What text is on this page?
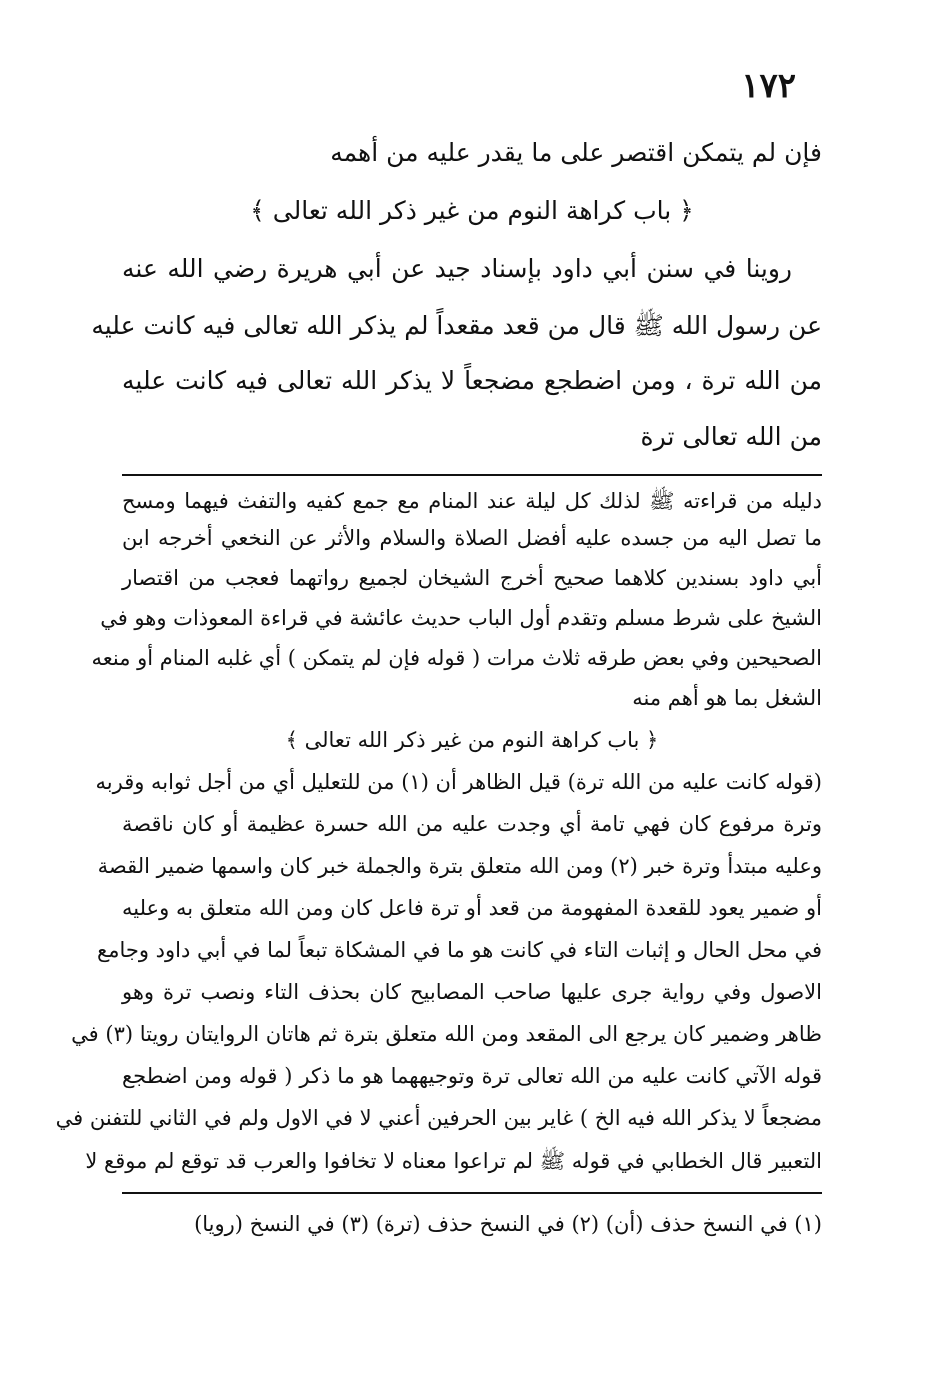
١٧٢
فإن لم يتمكن اقتصر على ما يقدر عليه من أهمه
﴿ باب كراهة النوم من غير ذكر الله تعالى ﴾
روينا في سنن أبي داود بإسناد جيد عن أبي هريرة رضي الله عنه
عن رسول الله ﷺ قال من قعد مقعداً لم يذكر الله تعالى فيه كانت عليه
من الله ترة ، ومن اضطجع مضجعاً لا يذكر الله تعالى فيه كانت عليه
من الله تعالى ترة
دليله من قراءته ﷺ لذلك كل ليلة عند المنام مع جمع كفيه والتفث فيهما ومسح
ما تصل اليه من جسده عليه أفضل الصلاة والسلام والأثر عن النخعي أخرجه ابن
أبي داود بسندين كلاهما صحيح أخرج الشيخان لجميع رواتهما فعجب من اقتصار
الشيخ على شرط مسلم وتقدم أول الباب حديث عائشة في قراءة المعوذات وهو في
الصحيحين وفي بعض طرقه ثلاث مرات ( قوله فإن لم يتمكن ) أي غلبه المنام أو منعه
الشغل بما هو أهم منه
﴿ باب كراهة النوم من غير ذكر الله تعالى ﴾
(قوله كانت عليه من الله ترة) قيل الظاهر أن (١) من للتعليل أي من أجل ثوابه وقربه
وترة مرفوع كان فهي تامة أي وجدت عليه من الله حسرة عظيمة أو كان ناقصة
وعليه مبتدأ وترة خبر (٢) ومن الله متعلق بترة والجملة خبر كان واسمها ضمير القصة
أو ضمير يعود للقعدة المفهومة من قعد أو ترة فاعل كان ومن الله متعلق به وعليه
في محل الحال و إثبات التاء في كانت هو ما في المشكاة تبعاً لما في أبي داود وجامع
الاصول وفي رواية جرى عليها صاحب المصابيح كان بحذف التاء ونصب ترة وهو
ظاهر وضمير كان يرجع الى المقعد ومن الله متعلق بترة ثم هاتان الروايتان رويتا (٣) في
قوله الآتي كانت عليه من الله تعالى ترة وتوجيههما هو ما ذكر ( قوله ومن اضطجع
مضجعاً لا يذكر الله فيه الخ ) غاير بين الحرفين أعني لا في الاول ولم في الثاني للتفنن في
التعبير قال الخطابي في قوله ﷺ لم تراعوا معناه لا تخافوا والعرب قد توقع لم موقع لا
(١) في النسخ حذف (أن) (٢) في النسخ حذف (ترة) (٣) في النسخ (رويا)
